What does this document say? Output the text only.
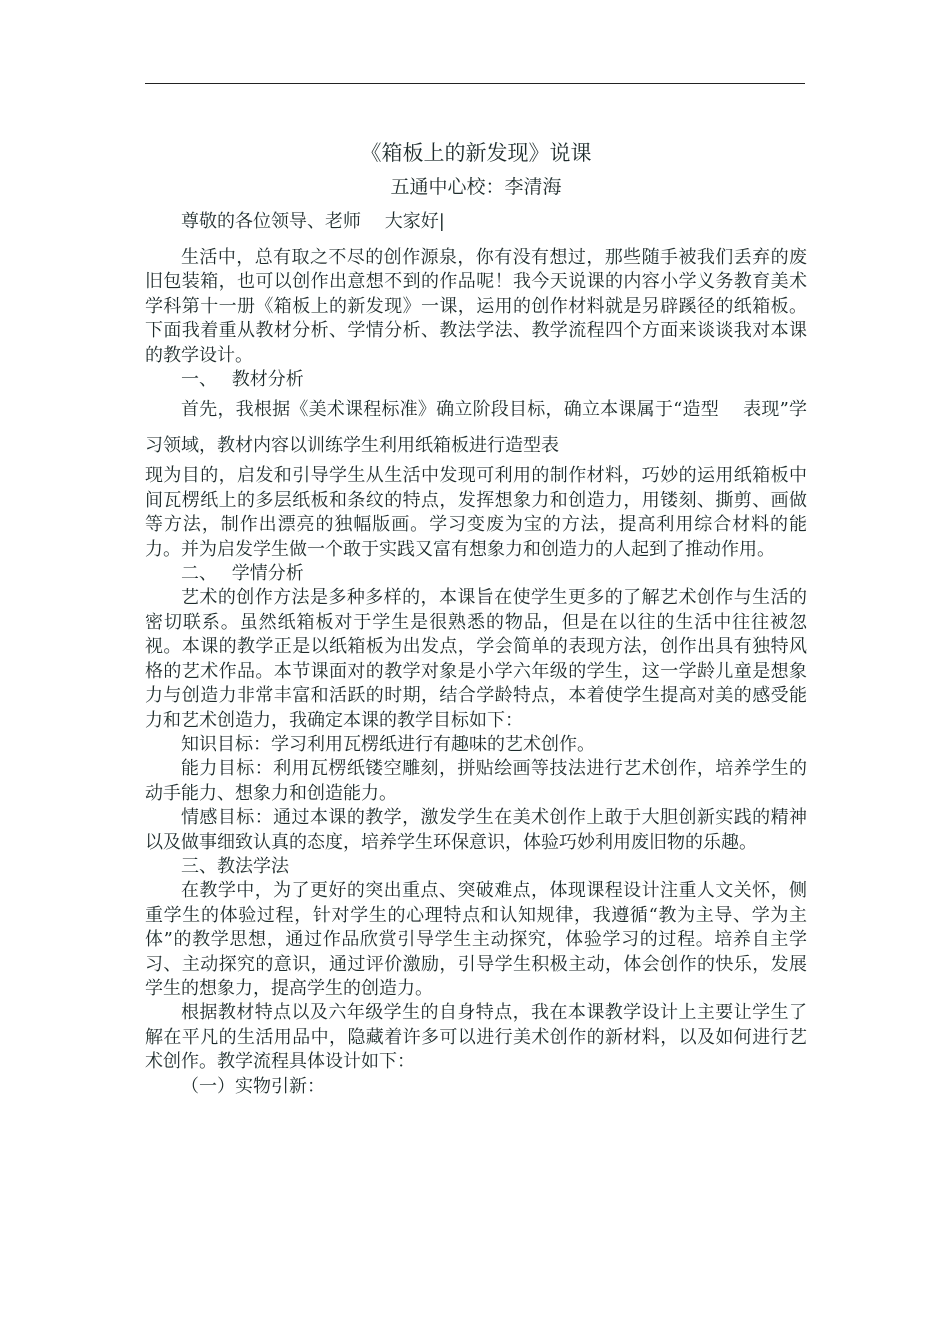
《箱板上的新发现》说课
五通中心校：李清海
尊敬的各位领导、老师　 大家好|

生活中，总有取之不尽的创作源泉，你有没有想过，那些随手被我们丢弃的废旧包装箱，也可以创作出意想不到的作品呢！我今天说课的内容小学义务教育美术学科第十一册《箱板上的新发现》一课，运用的创作材料就是另辟蹊径的纸箱板。下面我着重从教材分析、学情分析、教法学法、教学流程四个方面来谈谈我对本课的教学设计。

一、　 教材分析

首先，我根据《美术课程标准》确立阶段目标，确立本课属于“造型　 表现”学习领域，教材内容以训练学生利用纸箱板进行造型表

现为目的，启发和引导学生从生活中发现可利用的制作材料，巧妙的运用纸箱板中间瓦楞纸上的多层纸板和条纹的特点，发挥想象力和创造力，用镂刻、撕剪、画做等方法，制作出漂亮的独幅版画。学习变废为宝的方法，提高利用综合材料的能力。并为启发学生做一个敢于实践又富有想象力和创造力的人起到了推动作用。

二、　 学情分析

艺术的创作方法是多种多样的，本课旨在使学生更多的了解艺术创作与生活的密切联系。虽然纸箱板对于学生是很熟悉的物品，但是在以往的生活中往往被忽视。本课的教学正是以纸箱板为出发点，学会简单的表现方法，创作出具有独特风格的艺术作品。本节课面对的教学对象是小学六年级的学生，这一学龄儿童是想象力与创造力非常丰富和活跃的时期，结合学龄特点，本着使学生提高对美的感受能力和艺术创造力，我确定本课的教学目标如下：

知识目标：学习利用瓦楞纸进行有趣味的艺术创作。

能力目标：利用瓦楞纸镂空雕刻，拼贴绘画等技法进行艺术创作，培养学生的动手能力、想象力和创造能力。

情感目标：通过本课的教学，激发学生在美术创作上敢于大胆创新实践的精神以及做事细致认真的态度，培养学生环保意识，体验巧妙利用废旧物的乐趣。

三、教法学法

在教学中，为了更好的突出重点、突破难点，体现课程设计注重人文关怀，侧重学生的体验过程，针对学生的心理特点和认知规律，我遵循“教为主导、学为主体”的教学思想，通过作品欣赏引导学生主动探究，体验学习的过程。培养自主学习、主动探究的意识，通过评价激励，引导学生积极主动，体会创作的快乐，发展学生的想象力，提高学生的创造力。

根据教材特点以及六年级学生的自身特点，我在本课教学设计上主要让学生了解在平凡的生活用品中，隐藏着许多可以进行美术创作的新材料，以及如何进行艺术创作。教学流程具体设计如下：

（一）实物引新：
